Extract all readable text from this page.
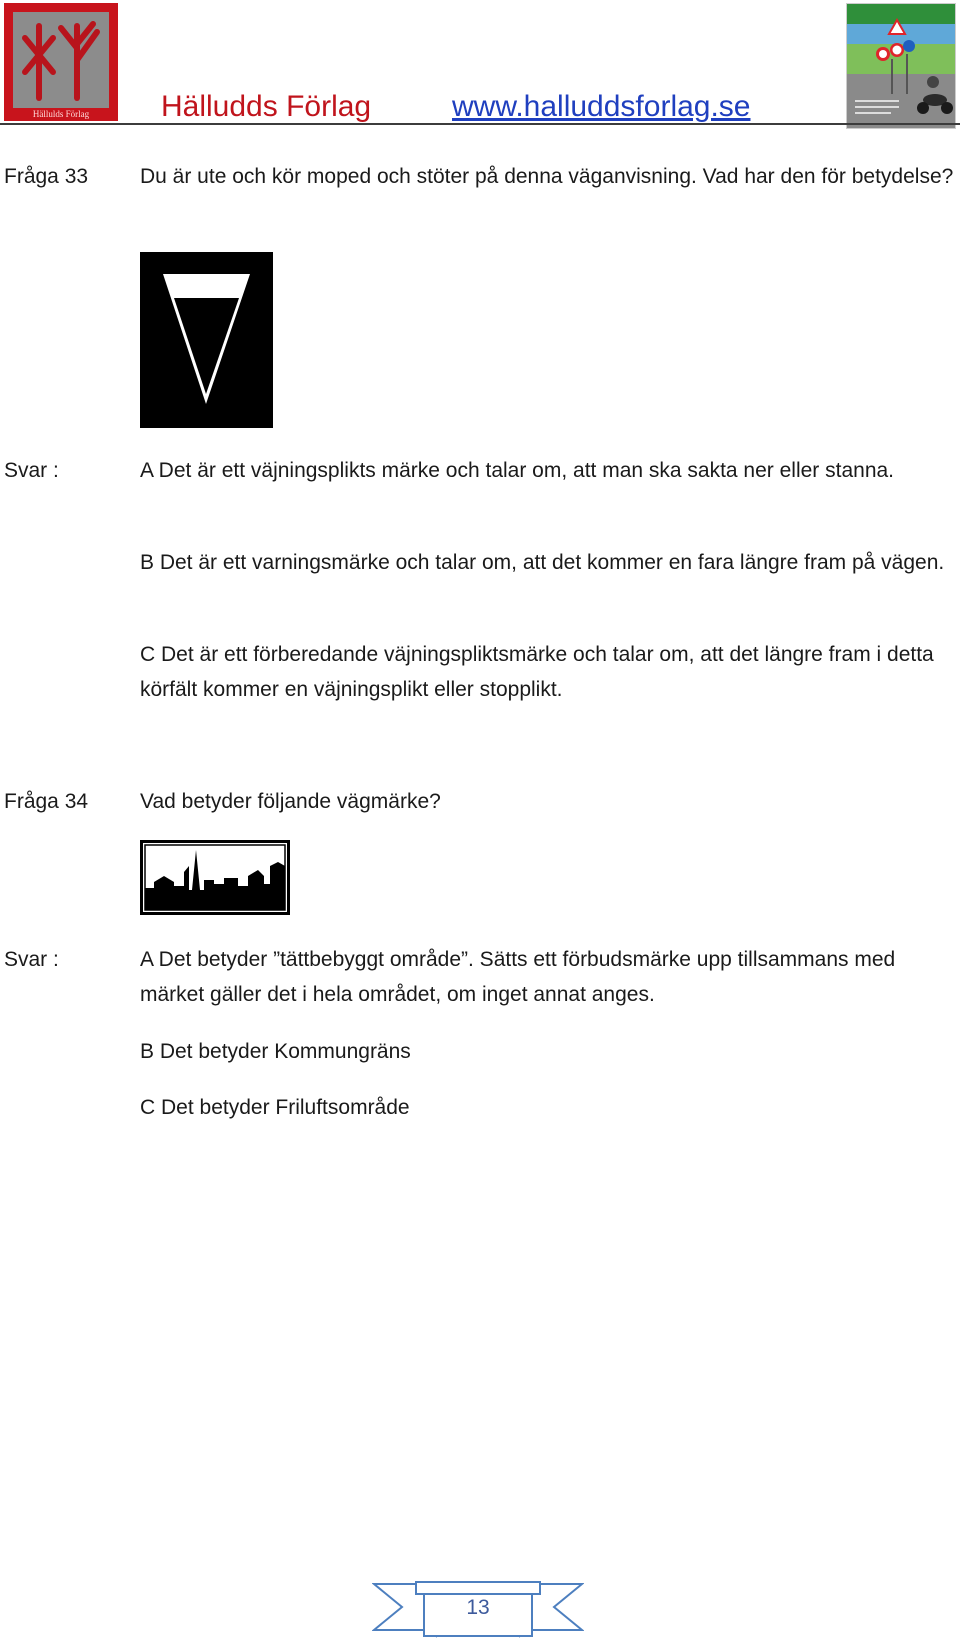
Hällulds Förlag	Hälludds Förlag	www.halluddsforlag.se
Fråga 33 Du är ute och kör moped och stöter på denna väganvisning. Vad har den för betydelse?
Svar :	A Det är ett väjningsplikts märke och talar om, att man ska sakta ner eller stanna.
B Det är ett varningsmärke och talar om, att det kommer en fara längre fram på vägen.
C Det är ett förberedande väjningspliktsmärke och talar om, att det längre fram i detta körfält kommer en väjningsplikt eller stopplikt.
Fråga 34 Vad betyder följande vägmärke?
Svar :	A Det betyder ”tättbebyggt område”. Sätts ett förbudsmärke upp tillsammans med märket gäller det i hela området, om inget annat anges.
B Det betyder Kommungräns
C Det betyder Friluftsområde
13
